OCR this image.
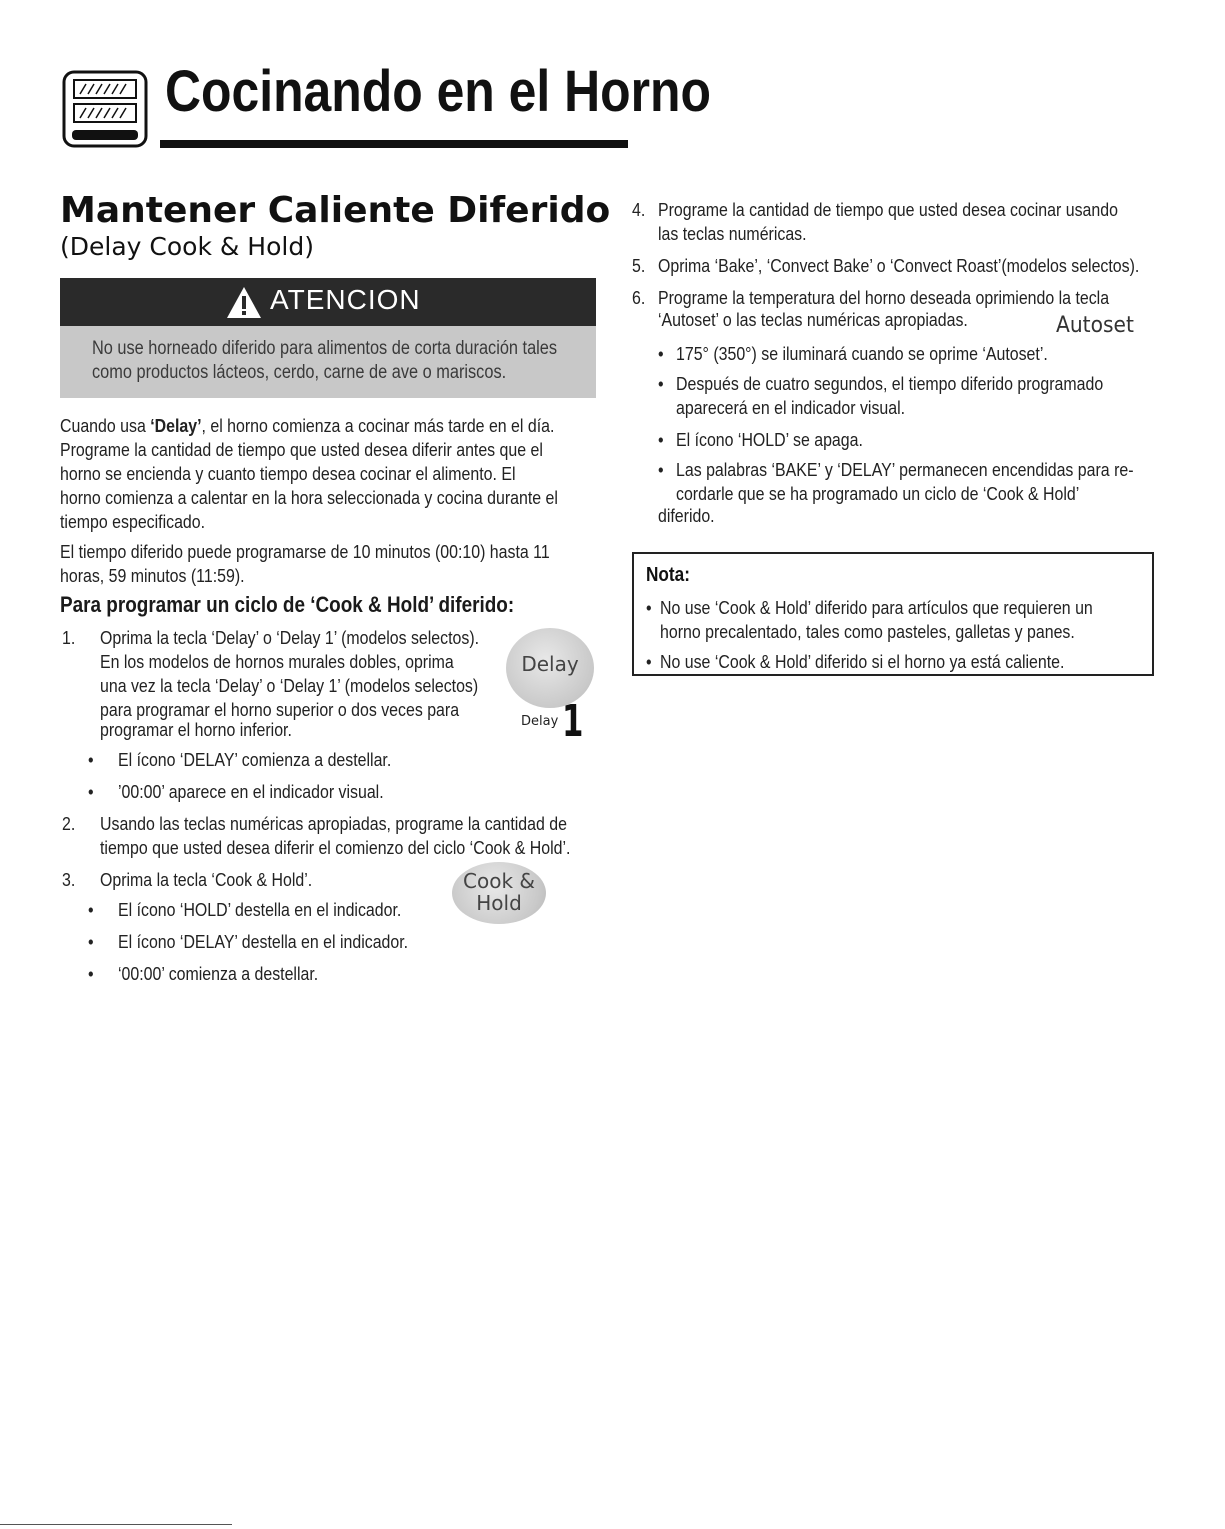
Cocinando en el Horno
Mantener Caliente Diferido
(Delay Cook & Hold)
ATENCION
No use horneado diferido para alimentos de corta duración tales
como productos lácteos, cerdo, carne de ave o mariscos.
Cuando usa ‘Delay’, el horno comienza a cocinar más tarde en el día.
Programe la cantidad de tiempo que usted desea diferir antes que el
horno se encienda y cuanto tiempo desea cocinar el alimento. El
horno comienza a calentar en la hora seleccionada y cocina durante el
tiempo especificado.
El tiempo diferido puede programarse de 10 minutos (00:10) hasta 11
horas, 59 minutos (11:59).
Para programar un ciclo de ‘Cook & Hold’ diferido:
1. Oprima la tecla ‘Delay’ o ‘Delay 1’ (modelos selectos).
En los modelos de hornos murales dobles, oprima
una vez la tecla ‘Delay’ o ‘Delay 1’ (modelos selectos)
para programar el horno superior o dos veces para
programar el horno inferior.
Delay
Delay 1
• El ícono ‘DELAY’ comienza a destellar.
• ’00:00’ aparece en el indicador visual.
2. Usando las teclas numéricas apropiadas, programe la cantidad de
tiempo que usted desea diferir el comienzo del ciclo ‘Cook & Hold’.
3. Oprima la tecla ‘Cook & Hold’.	Cook &
Hold
• El ícono ‘HOLD’ destella en el indicador.
• El ícono ‘DELAY’ destella en el indicador.
• ‘00:00’ comienza a destellar.
4. Programe la cantidad de tiempo que usted desea cocinar usando
las teclas numéricas.
5. Oprima ‘Bake’, ‘Convect Bake’ o ‘Convect Roast’(modelos selectos).
6. Programe la temperatura del horno deseada oprimiendo la tecla
‘Autoset’ o las teclas numéricas apropiadas.	Autoset
• 175° (350°) se iluminará cuando se oprime ‘Autoset’.
• Después de cuatro segundos, el tiempo diferido programado
aparecerá en el indicador visual.
• El ícono ‘HOLD’ se apaga.
• Las palabras ‘BAKE’ y ‘DELAY’ permanecen encendidas para re-
cordarle que se ha programado un ciclo de ‘Cook & Hold’
diferido.
Nota:
• No use ‘Cook & Hold’ diferido para artículos que requieren un
horno precalentado, tales como pasteles, galletas y panes.
• No use ‘Cook & Hold’ diferido si el horno ya está caliente.
